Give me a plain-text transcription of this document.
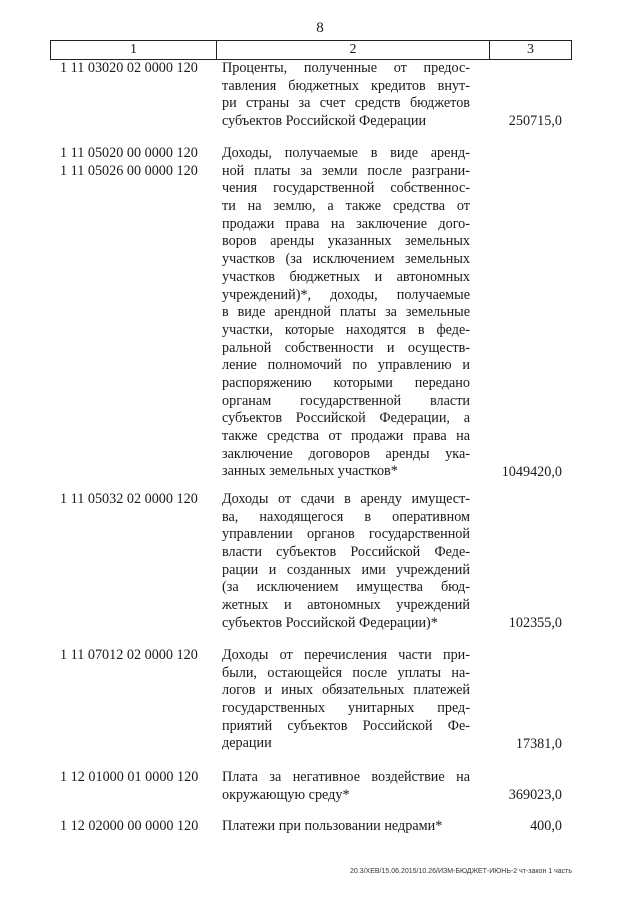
8
1	2	3
1 11 03020 02 0000 120	Проценты, полученные от предос-
тавления бюджетных кредитов внут-
ри страны за счет средств бюджетов
субъектов Российской Федерации	250715,0
1 11 05020 00 0000 120
1 11 05026 00 0000 120
Доходы, получаемые в виде аренд-
ной платы за земли после разграни-
чения государственной собственнос-
ти на землю, а также средства от
продажи права на заключение дого-
воров аренды указанных земельных
участков (за исключением земельных
участков бюджетных и автономных
учреждений)*, доходы, получаемые
в виде арендной платы за земельные
участки, которые находятся в феде-
ральной собственности и осуществ-
ление полномочий по управлению и
распоряжению которыми передано
органам государственной власти
субъектов Российской Федерации, а
также средства от продажи права на
заключение договоров аренды ука-
занных земельных участков*	1049420,0
1 11 05032 02 0000 120	Доходы от сдачи в аренду имущест-
ва, находящегося в оперативном
управлении органов государственной
власти субъектов Российской Феде-
рации и созданных ими учреждений
(за исключением имущества бюд-
жетных и автономных учреждений
субъектов Российской Федерации)*	102355,0
1 11 07012 02 0000 120	Доходы от перечисления части при-
были, остающейся после уплаты на-
логов и иных обязательных платежей
государственных унитарных пред-
приятий субъектов Российской Фе-
дерации	17381,0
1 12 01000 01 0000 120	Плата за негативное воздействие на
окружающую среду*	369023,0
1 12 02000 00 0000 120	Платежи при пользовании недрами*	400,0
20.3/ХЕВ/15.06.2015/10.26/ИЗМ-БЮДЖЕТ-ИЮНЬ-2 чт-закон 1 часть
